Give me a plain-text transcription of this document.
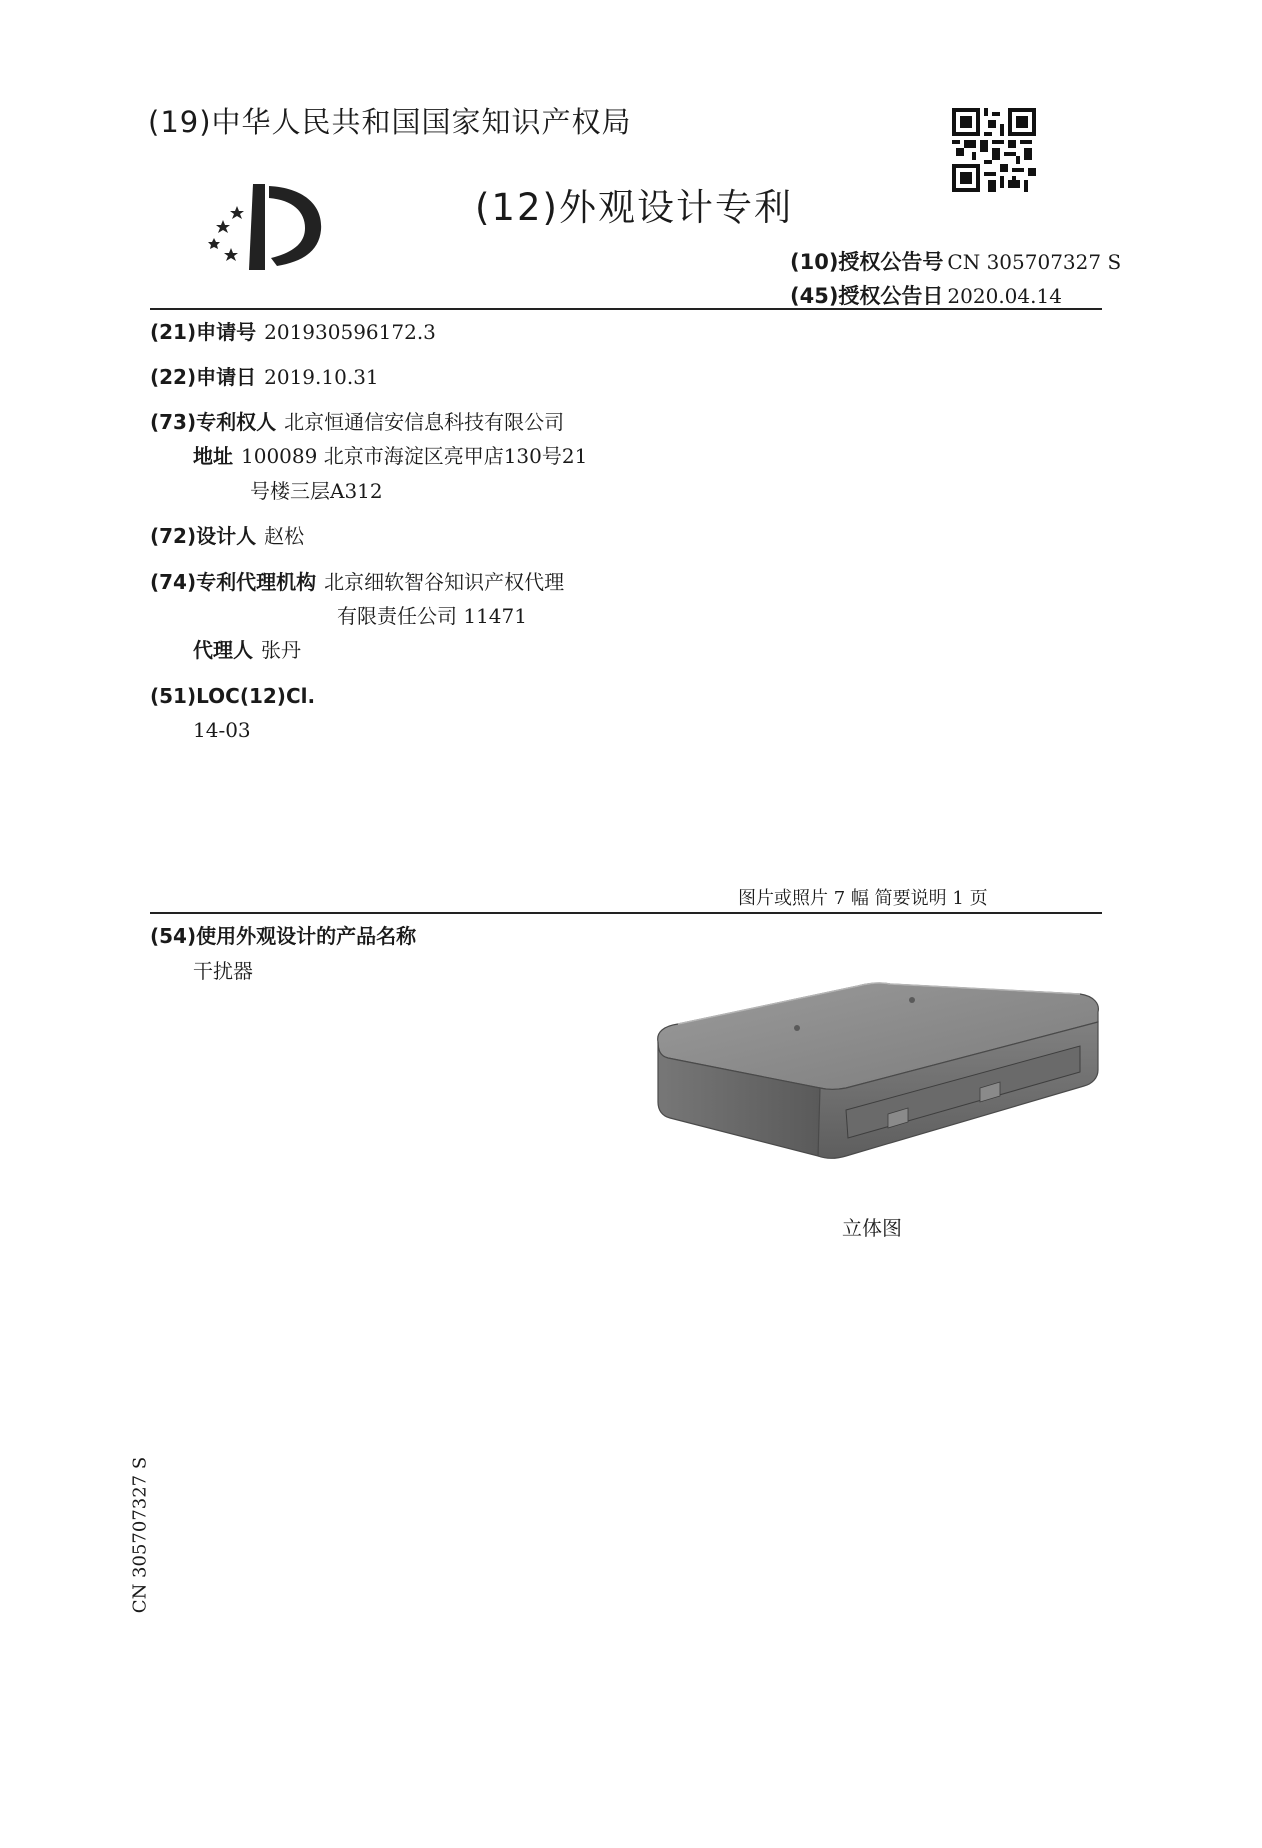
(19)中华人民共和国国家知识产权局
(12)外观设计专利
(10)授权公告号 CN 305707327 S
(45)授权公告日 2020.04.14
(21)申请号 201930596172.3
(22)申请日 2019.10.31
(73)专利权人 北京恒通信安信息科技有限公司
地址 100089 北京市海淀区亮甲店130号21
号楼三层A312
(72)设计人 赵松
(74)专利代理机构 北京细软智谷知识产权代理
有限责任公司 11471
代理人 张丹
(51)LOC(12)Cl.
14-03
图片或照片 7 幅 简要说明 1 页
(54)使用外观设计的产品名称
干扰器
立体图
CN 305707327 S
